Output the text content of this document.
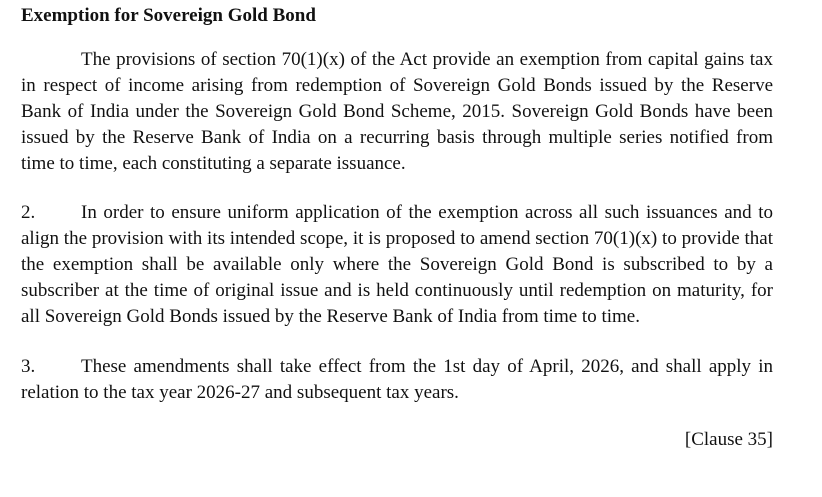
Exemption for Sovereign Gold Bond

The provisions of section 70(1)(x) of the Act provide an exemption from capital gains tax in respect of income arising from redemption of Sovereign Gold Bonds issued by the Reserve Bank of India under the Sovereign Gold Bond Scheme, 2015. Sovereign Gold Bonds have been issued by the Reserve Bank of India on a recurring basis through multiple series notified from time to time, each constituting a separate issuance.

2. In order to ensure uniform application of the exemption across all such issuances and to align the provision with its intended scope, it is proposed to amend section 70(1)(x) to provide that the exemption shall be available only where the Sovereign Gold Bond is subscribed to by a subscriber at the time of original issue and is held continuously until redemption on maturity, for all Sovereign Gold Bonds issued by the Reserve Bank of India from time to time.

3. These amendments shall take effect from the 1st day of April, 2026, and shall apply in relation to the tax year 2026-27 and subsequent tax years.

[Clause 35]
